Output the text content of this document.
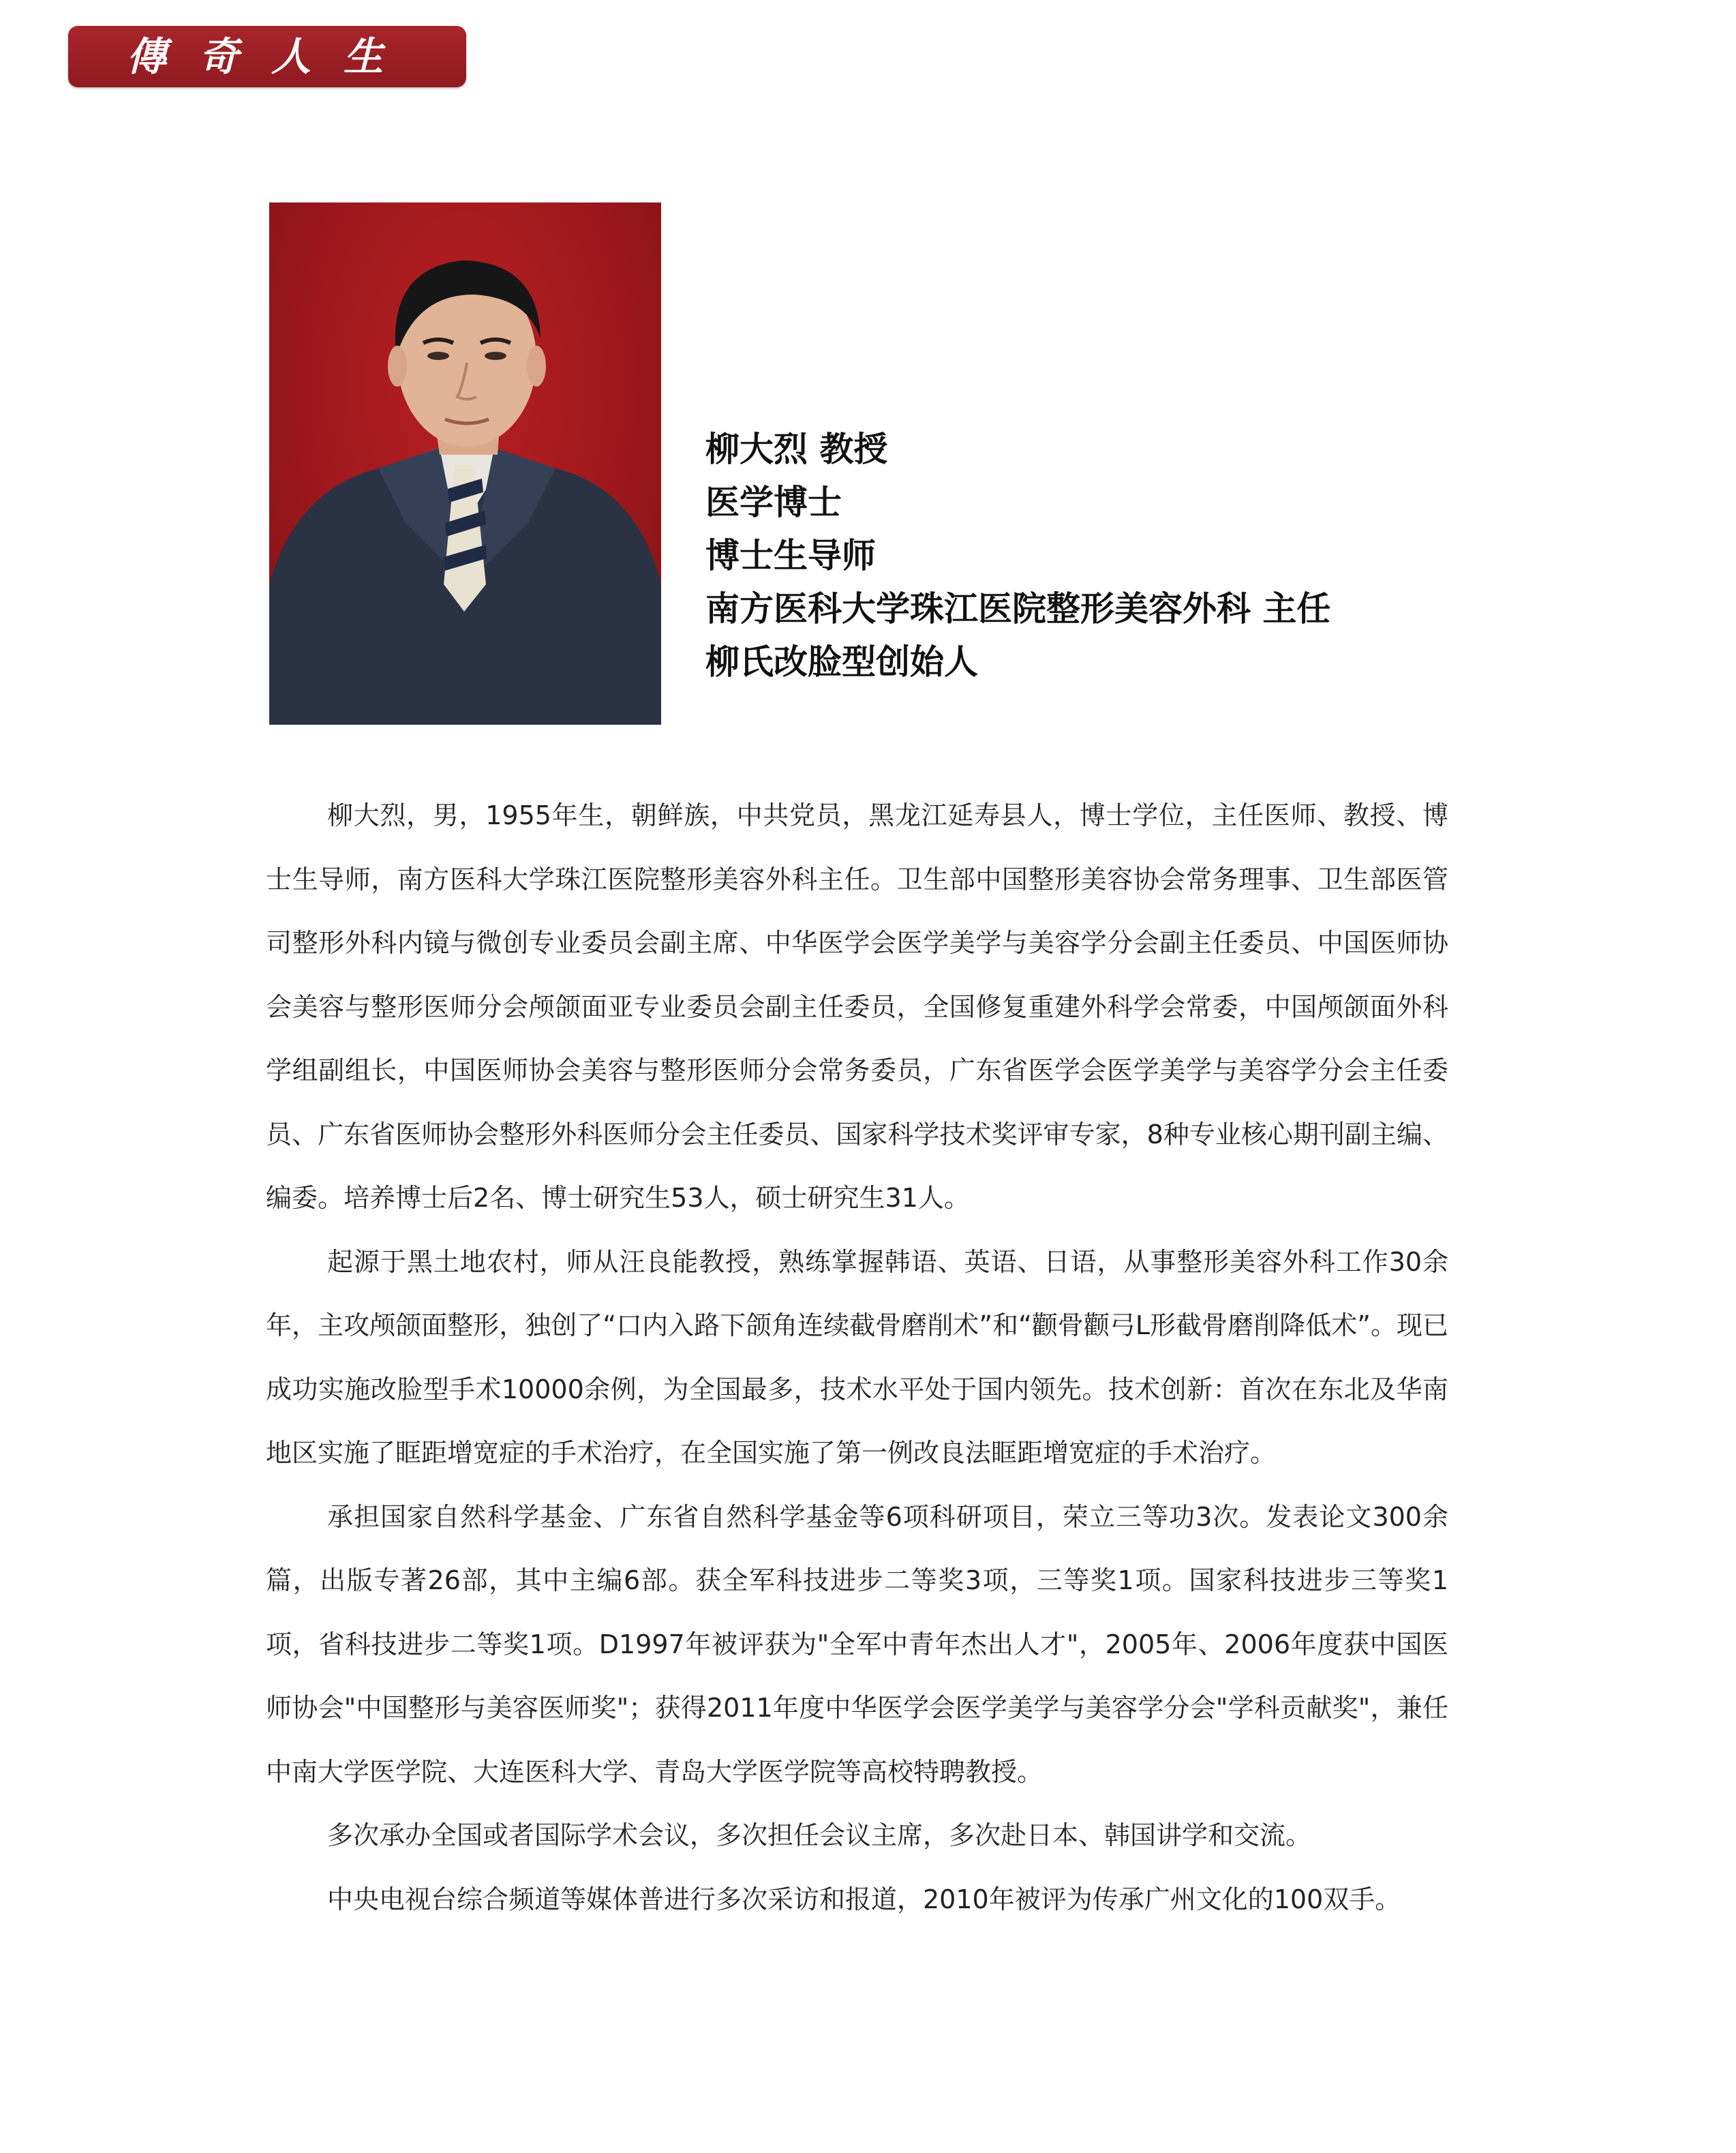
傳奇人生
柳大烈 教授
医学博士
博士生导师
南方医科大学珠江医院整形美容外科 主任
柳氏改脸型创始人

柳大烈，男，1955年生，朝鲜族，中共党员，黑龙江延寿县人，博士学位，主任医师、教授、博士生导师，南方医科大学珠江医院整形美容外科主任。卫生部中国整形美容协会常务理事、卫生部医管司整形外科内镜与微创专业委员会副主席、中华医学会医学美学与美容学分会副主任委员、中国医师协会美容与整形医师分会颅颌面亚专业委员会副主任委员，全国修复重建外科学会常委，中国颅颌面外科学组副组长，中国医师协会美容与整形医师分会常务委员，广东省医学会医学美学与美容学分会主任委员、广东省医师协会整形外科医师分会主任委员、国家科学技术奖评审专家，8种专业核心期刊副主编、编委。培养博士后2名、博士研究生53人，硕士研究生31人。

起源于黑土地农村，师从汪良能教授，熟练掌握韩语、英语、日语，从事整形美容外科工作30余年，主攻颅颌面整形，独创了“口内入路下颌角连续截骨磨削术”和“颧骨颧弓L形截骨磨削降低术”。现已成功实施改脸型手术10000余例，为全国最多，技术水平处于国内领先。技术创新：首次在东北及华南地区实施了眶距增宽症的手术治疗，在全国实施了第一例改良法眶距增宽症的手术治疗。

承担国家自然科学基金、广东省自然科学基金等6项科研项目，荣立三等功3次。发表论文300余篇，出版专著26部，其中主编6部。获全军科技进步二等奖3项，三等奖1项。国家科技进步三等奖1项，省科技进步二等奖1项。D1997年被评获为"全军中青年杰出人才"，2005年、2006年度获中国医师协会"中国整形与美容医师奖"；获得2011年度中华医学会医学美学与美容学分会"学科贡献奖"，兼任中南大学医学院、大连医科大学、青岛大学医学院等高校特聘教授。

多次承办全国或者国际学术会议，多次担任会议主席，多次赴日本、韩国讲学和交流。

中央电视台综合频道等媒体普进行多次采访和报道，2010年被评为传承广州文化的100双手。
